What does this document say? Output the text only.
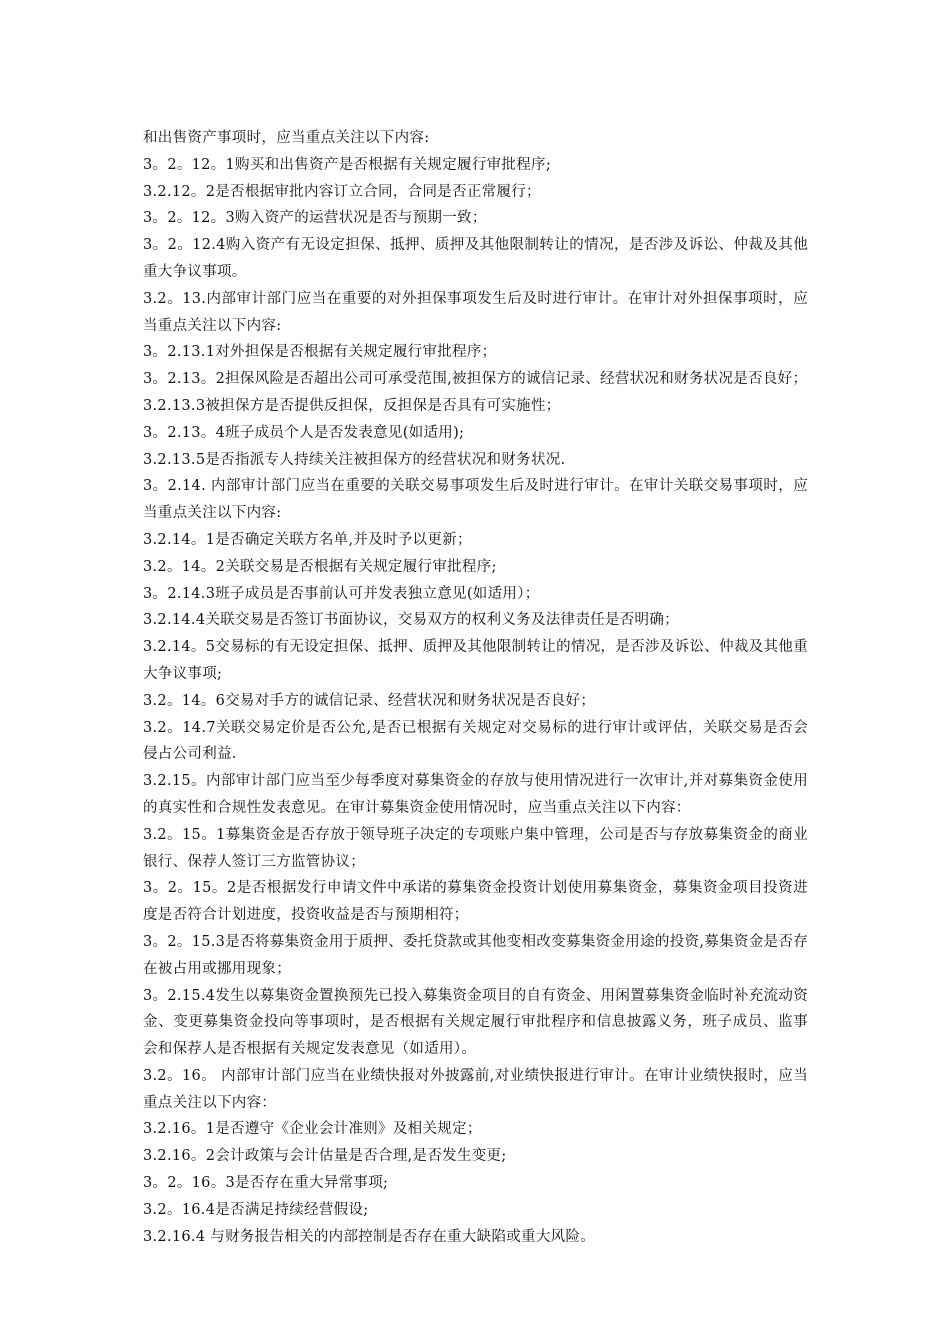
和出售资产事项时，应当重点关注以下内容:

3。2。12。1购买和出售资产是否根据有关规定履行审批程序;

3.2.12。2是否根据审批内容订立合同，合同是否正常履行；

3。2。12。3购入资产的运营状况是否与预期一致；

3。2。12.4购入资产有无设定担保、抵押、质押及其他限制转让的情况，是否涉及诉讼、仲裁及其他重大争议事项。

3.2。13.内部审计部门应当在重要的对外担保事项发生后及时进行审计。在审计对外担保事项时，应当重点关注以下内容:

3。2.13.1对外担保是否根据有关规定履行审批程序；

3。2.13。2担保风险是否超出公司可承受范围,被担保方的诚信记录、经营状况和财务状况是否良好；

3.2.13.3被担保方是否提供反担保，反担保是否具有可实施性；

3。2.13。4班子成员个人是否发表意见(如适用);

3.2.13.5是否指派专人持续关注被担保方的经营状况和财务状况.

3。2.14. 内部审计部门应当在重要的关联交易事项发生后及时进行审计。在审计关联交易事项时，应当重点关注以下内容:

3.2.14。1是否确定关联方名单,并及时予以更新；

3.2。14。2关联交易是否根据有关规定履行审批程序;

3。2.14.3班子成员是否事前认可并发表独立意见(如适用）；

3.2.14.4关联交易是否签订书面协议，交易双方的权利义务及法律责任是否明确；

3.2.14。5交易标的有无设定担保、抵押、质押及其他限制转让的情况，是否涉及诉讼、仲裁及其他重大争议事项;

3.2。14。6交易对手方的诚信记录、经营状况和财务状况是否良好；

3.2。14.7关联交易定价是否公允,是否已根据有关规定对交易标的进行审计或评估，关联交易是否会侵占公司利益.

3.2.15。内部审计部门应当至少每季度对募集资金的存放与使用情况进行一次审计,并对募集资金使用的真实性和合规性发表意见。在审计募集资金使用情况时，应当重点关注以下内容：

3.2。15。1募集资金是否存放于领导班子决定的专项账户集中管理，公司是否与存放募集资金的商业银行、保荐人签订三方监管协议；

3。2。15。2是否根据发行申请文件中承诺的募集资金投资计划使用募集资金，募集资金项目投资进度是否符合计划进度，投资收益是否与预期相符；

3。2。15.3是否将募集资金用于质押、委托贷款或其他变相改变募集资金用途的投资,募集资金是否存在被占用或挪用现象；

3。2.15.4发生以募集资金置换预先已投入募集资金项目的自有资金、用闲置募集资金临时补充流动资金、变更募集资金投向等事项时，是否根据有关规定履行审批程序和信息披露义务，班子成员、监事会和保荐人是否根据有关规定发表意见（如适用）。

3.2。16。 内部审计部门应当在业绩快报对外披露前,对业绩快报进行审计。在审计业绩快报时，应当重点关注以下内容：

3.2.16。1是否遵守《企业会计准则》及相关规定；

3.2.16。2会计政策与会计估量是否合理,是否发生变更;

3。2。16。3是否存在重大异常事项;

3.2。16.4是否满足持续经营假设;

3.2.16.4 与财务报告相关的内部控制是否存在重大缺陷或重大风险。
